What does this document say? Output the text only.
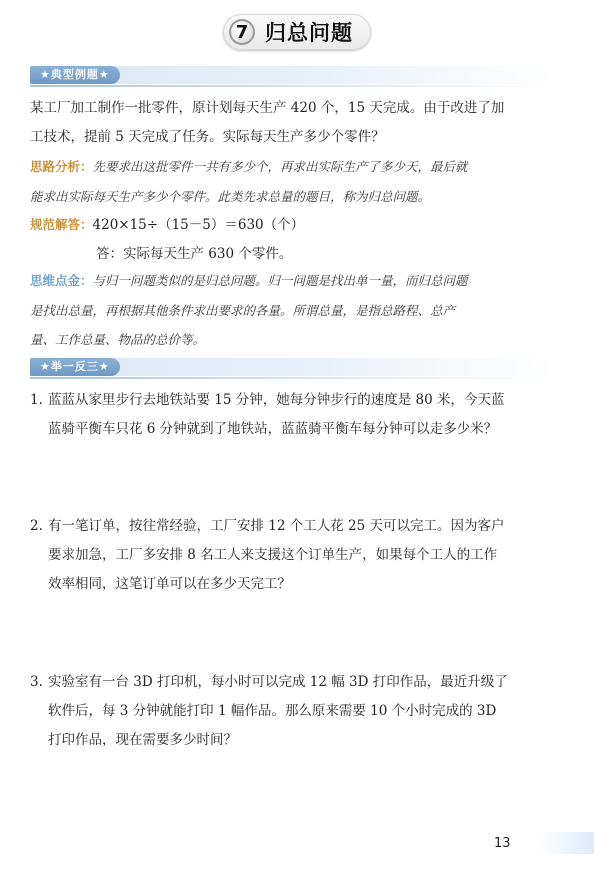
7 归总问题
★典型例题★
某工厂加工制作一批零件，原计划每天生产 420 个，15 天完成。由于改进了加
工技术，提前 5 天完成了任务。实际每天生产多少个零件？
思路分析：先要求出这批零件一共有多少个，再求出实际生产了多少天，最后就
能求出实际每天生产多少个零件。此类先求总量的题目，称为归总问题。
规范解答：420×15÷（15－5）＝630（个）
答：实际每天生产 630 个零件。
思维点金：与归一问题类似的是归总问题。归一问题是找出单一量，而归总问题
是找出总量，再根据其他条件求出要求的各量。所谓总量，是指总路程、总产
量、工作总量、物品的总价等。
★举一反三★
1. 蓝蓝从家里步行去地铁站要 15 分钟，她每分钟步行的速度是 80 米，今天蓝
蓝骑平衡车只花 6 分钟就到了地铁站，蓝蓝骑平衡车每分钟可以走多少米？
2. 有一笔订单，按往常经验，工厂安排 12 个工人花 25 天可以完工。因为客户
要求加急，工厂多安排 8 名工人来支援这个订单生产，如果每个工人的工作
效率相同，这笔订单可以在多少天完工？
3. 实验室有一台 3D 打印机，每小时可以完成 12 幅 3D 打印作品，最近升级了
软件后，每 3 分钟就能打印 1 幅作品。那么原来需要 10 个小时完成的 3D
打印作品，现在需要多少时间？
13
